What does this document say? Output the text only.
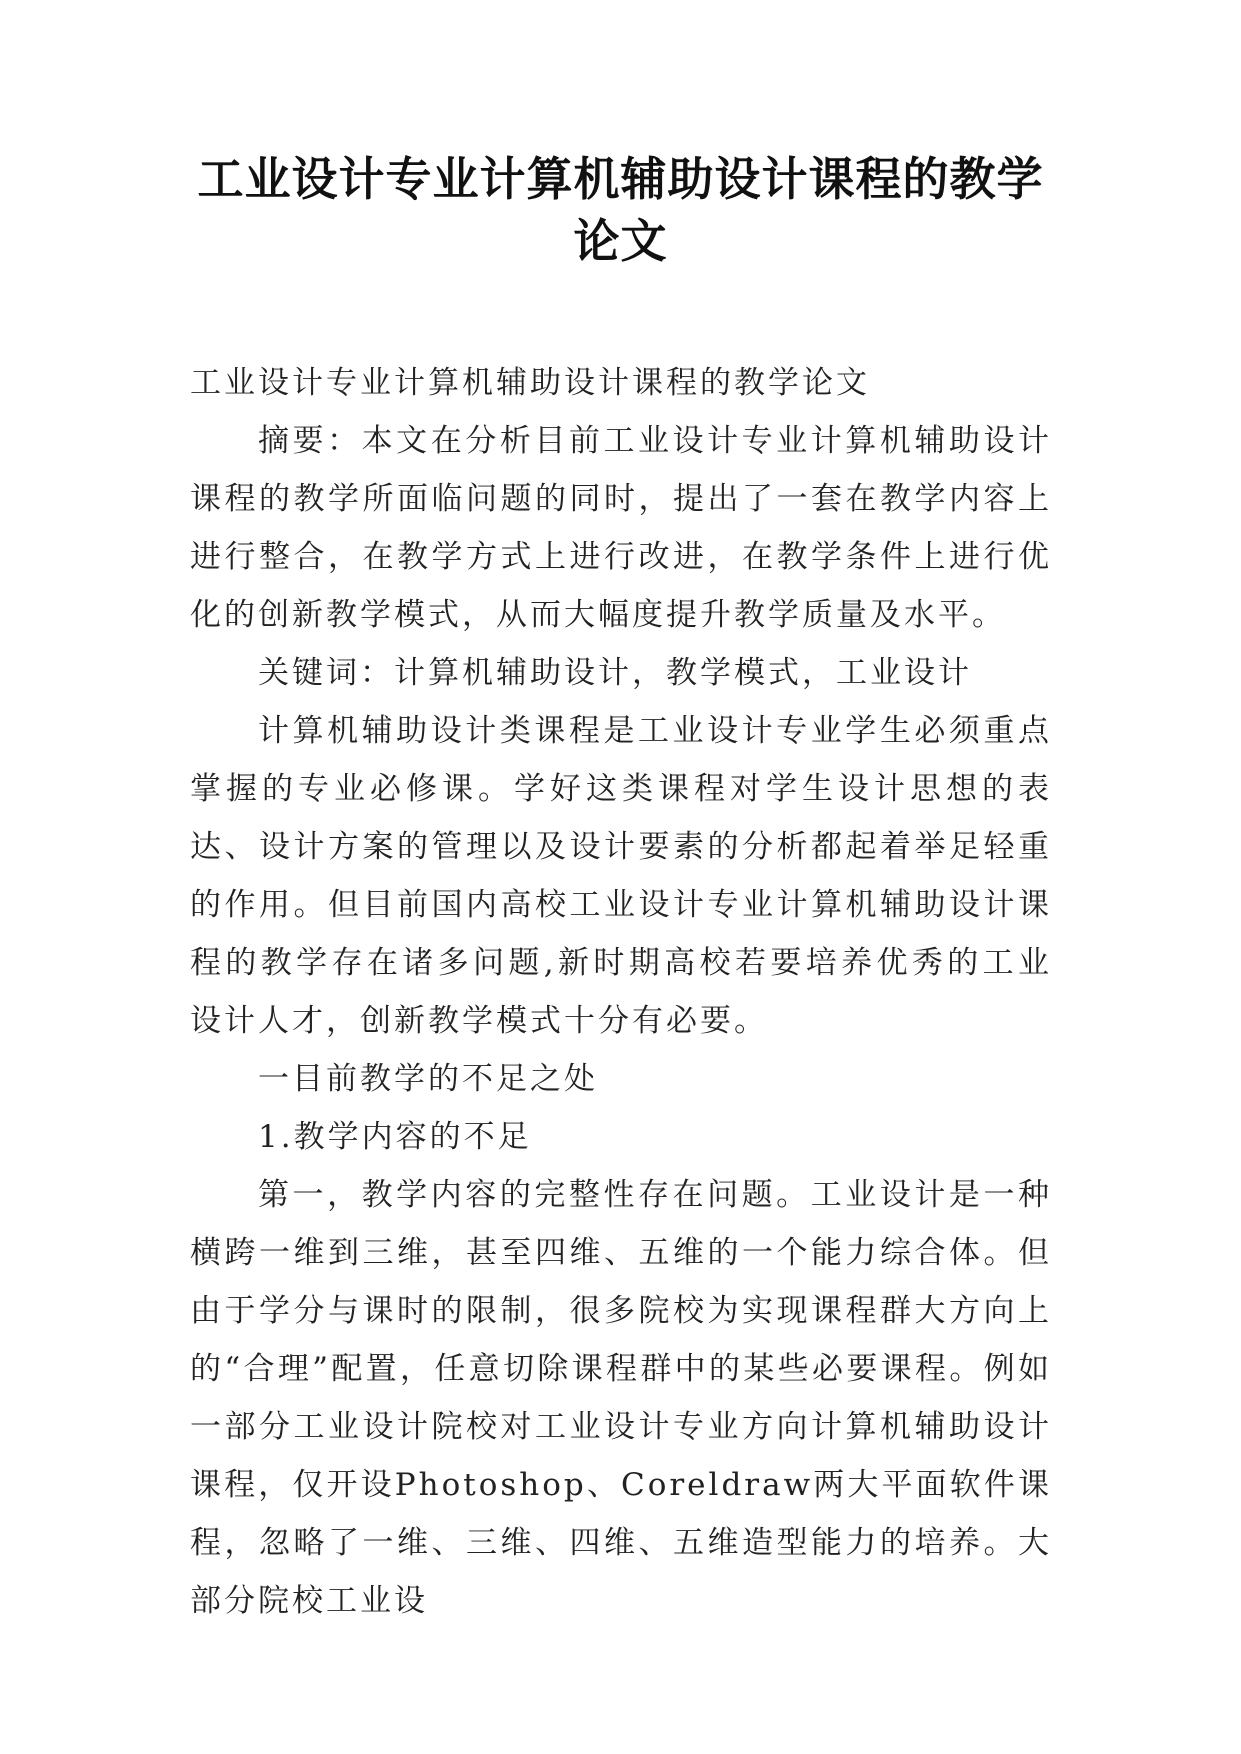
工业设计专业计算机辅助设计课程的教学
论文

工业设计专业计算机辅助设计课程的教学论文

摘要：本文在分析目前工业设计专业计算机辅助设计课程的教学所面临问题的同时，提出了一套在教学内容上进行整合，在教学方式上进行改进，在教学条件上进行优化的创新教学模式，从而大幅度提升教学质量及水平。

关键词：计算机辅助设计，教学模式，工业设计

计算机辅助设计类课程是工业设计专业学生必须重点掌握的专业必修课。学好这类课程对学生设计思想的表达、设计方案的管理以及设计要素的分析都起着举足轻重的作用。但目前国内高校工业设计专业计算机辅助设计课程的教学存在诸多问题,新时期高校若要培养优秀的工业设计人才，创新教学模式十分有必要。

一目前教学的不足之处

1.教学内容的不足

第一，教学内容的完整性存在问题。工业设计是一种横跨一维到三维，甚至四维、五维的一个能力综合体。但由于学分与课时的限制，很多院校为实现课程群大方向上的“合理”配置，任意切除课程群中的某些必要课程。例如一部分工业设计院校对工业设计专业方向计算机辅助设计课程，仅开设Photoshop、Coreldraw两大平面软件课程，忽略了一维、三维、四维、五维造型能力的培养。大部分院校工业设
